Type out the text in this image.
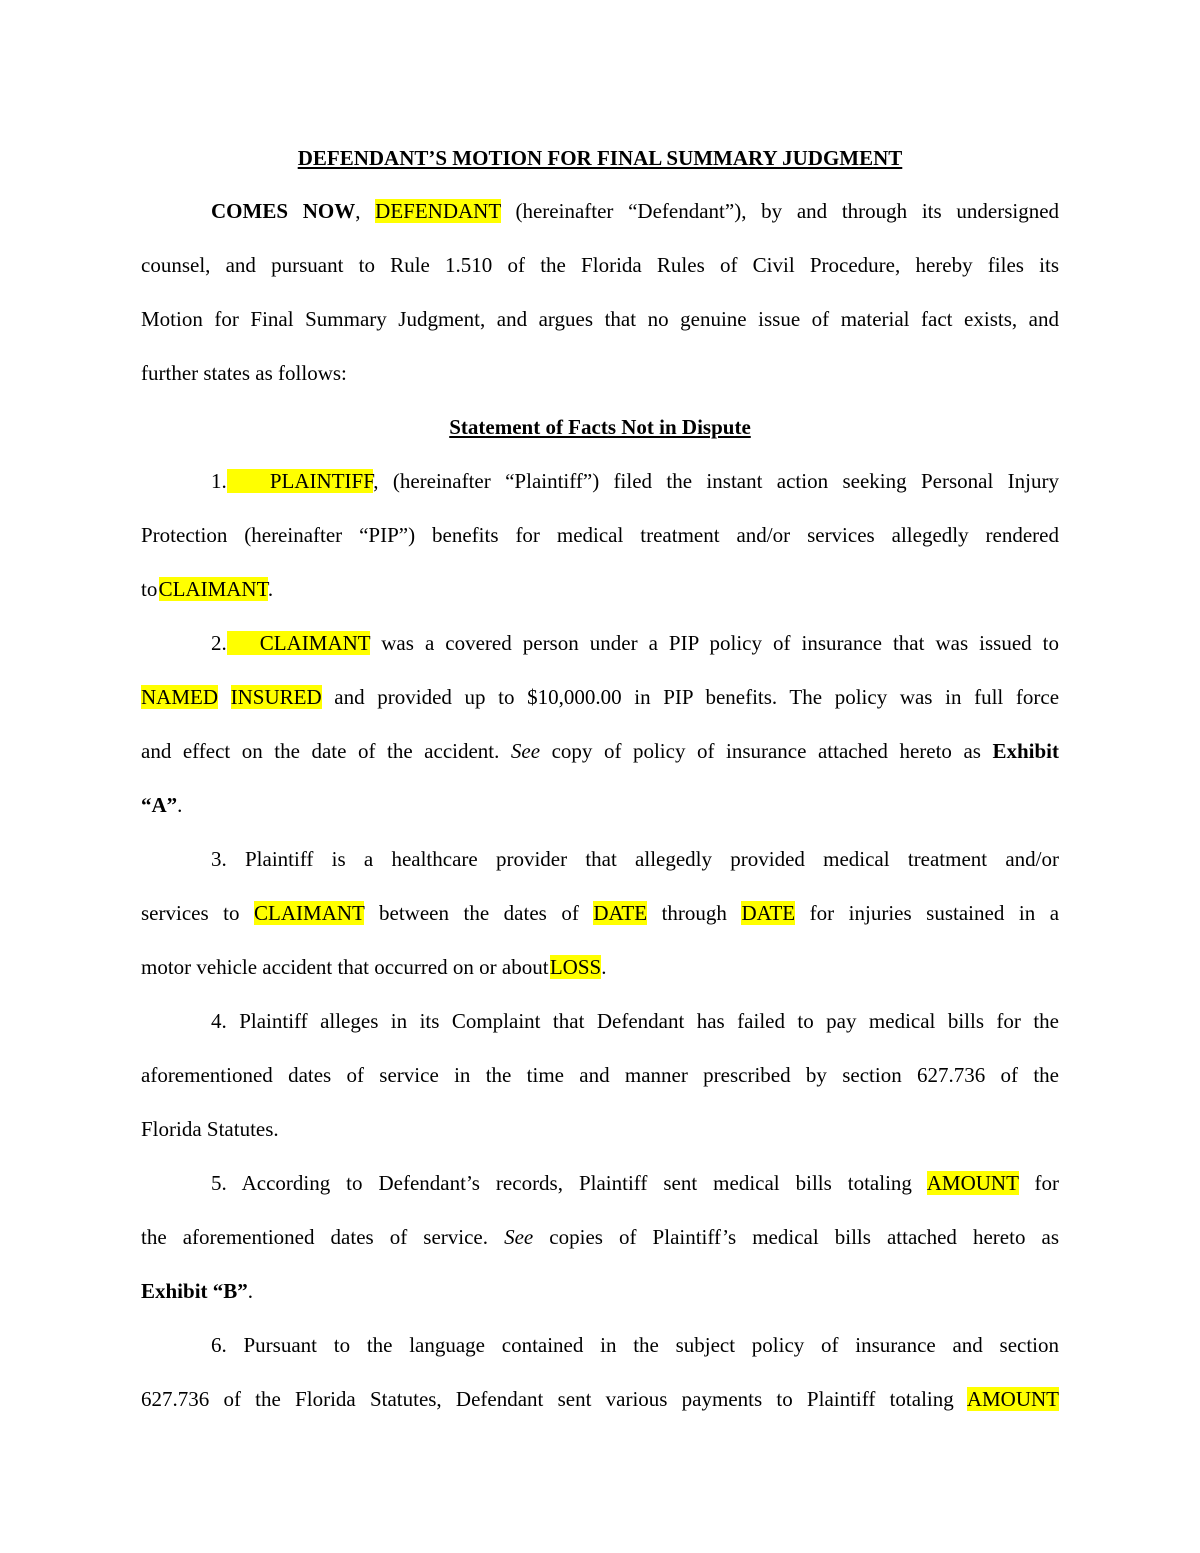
DEFENDANT’S MOTION FOR FINAL SUMMARY JUDGMENT
COMES NOW, DEFENDANT (hereinafter “Defendant”), by and through its undersigned
counsel, and pursuant to Rule 1.510 of the Florida Rules of Civil Procedure, hereby files its
Motion for Final Summary Judgment, and argues that no genuine issue of material fact exists, and
further states as follows:
Statement of Facts Not in Dispute
1. PLAINTIFF, (hereinafter “Plaintiff”) filed the instant action seeking Personal Injury
Protection (hereinafter “PIP”) benefits for medical treatment and/or services allegedly rendered
to CLAIMANT.
2. CLAIMANT was a covered person under a PIP policy of insurance that was issued to
NAMED INSURED and provided up to $10,000.00 in PIP benefits. The policy was in full force
and effect on the date of the accident. See copy of policy of insurance attached hereto as Exhibit
“A”.
3. Plaintiff is a healthcare provider that allegedly provided medical treatment and/or
services to CLAIMANT between the dates of DATE through DATE for injuries sustained in a
motor vehicle accident that occurred on or about LOSS.
4. Plaintiff alleges in its Complaint that Defendant has failed to pay medical bills for the
aforementioned dates of service in the time and manner prescribed by section 627.736 of the
Florida Statutes.
5. According to Defendant’s records, Plaintiff sent medical bills totaling AMOUNT for
the aforementioned dates of service. See copies of Plaintiff’s medical bills attached hereto as
Exhibit “B”.
6. Pursuant to the language contained in the subject policy of insurance and section
627.736 of the Florida Statutes, Defendant sent various payments to Plaintiff totaling AMOUNT
